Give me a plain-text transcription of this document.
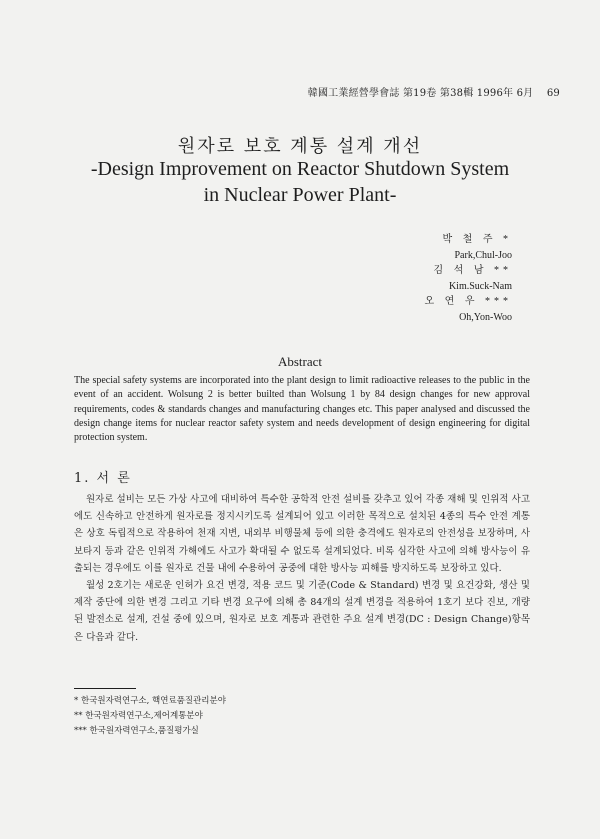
韓國工業經營學會誌 第19卷 第38輯 1996年 6月 69
원자로 보호 계통 설계 개선
-Design Improvement on Reactor Shutdown System
in Nuclear Power Plant-
박 철 주 *
Park,Chul-Joo
김 석 남 **
Kim.Suck-Nam
오 연 우 ***
Oh,Yon-Woo
Abstract
The special safety systems are incorporated into the plant design to limit radioactive releases to the public in the event of an accident. Wolsung 2 is better builted than Wolsung 1 by 84 design changes for new approval requirements, codes & standards changes and manufacturing changes etc. This paper analysed and discussed the design change items for nuclear reactor safety system and needs development of design engineering for digital protection system.
1. 서 론

원자로 설비는 모든 가상 사고에 대비하여 특수한 공학적 안전 설비를 갖추고 있어 각종 재해 및 인위적 사고에도 신속하고 안전하게 원자로를 정지시키도록 설계되어 있고 이러한 목적으로 설치된 4종의 특수 안전 계통은 상호 독립적으로 작용하여 천재 지변, 내외부 비행물체 등에 의한 충격에도 원자로의 안전성을 보장하며, 사보타지 등과 같은 인위적 가해에도 사고가 확대될 수 없도록 설계되었다. 비록 심각한 사고에 의해 방사능이 유출되는 경우에도 이를 원자로 건물 내에 수용하여 공중에 대한 방사능 피해를 방지하도록 보장하고 있다.

월성 2호기는 새로운 인허가 요건 변경, 적용 코드 및 기준(Code & Standard) 변경 및 요건강화, 생산 및 제작 중단에 의한 변경 그리고 기타 변경 요구에 의해 총 84개의 설계 변경을 적용하여 1호기 보다 진보, 개량된 발전소로 설계, 건설 중에 있으며, 원자로 보호 계통과 관련한 주요 설계 변경(DC : Design Change)항목은 다음과 같다.

* 한국원자력연구소, 핵연료품질관리분야
** 한국원자력연구소,제어계통분야
*** 한국원자력연구소,품질평가실
